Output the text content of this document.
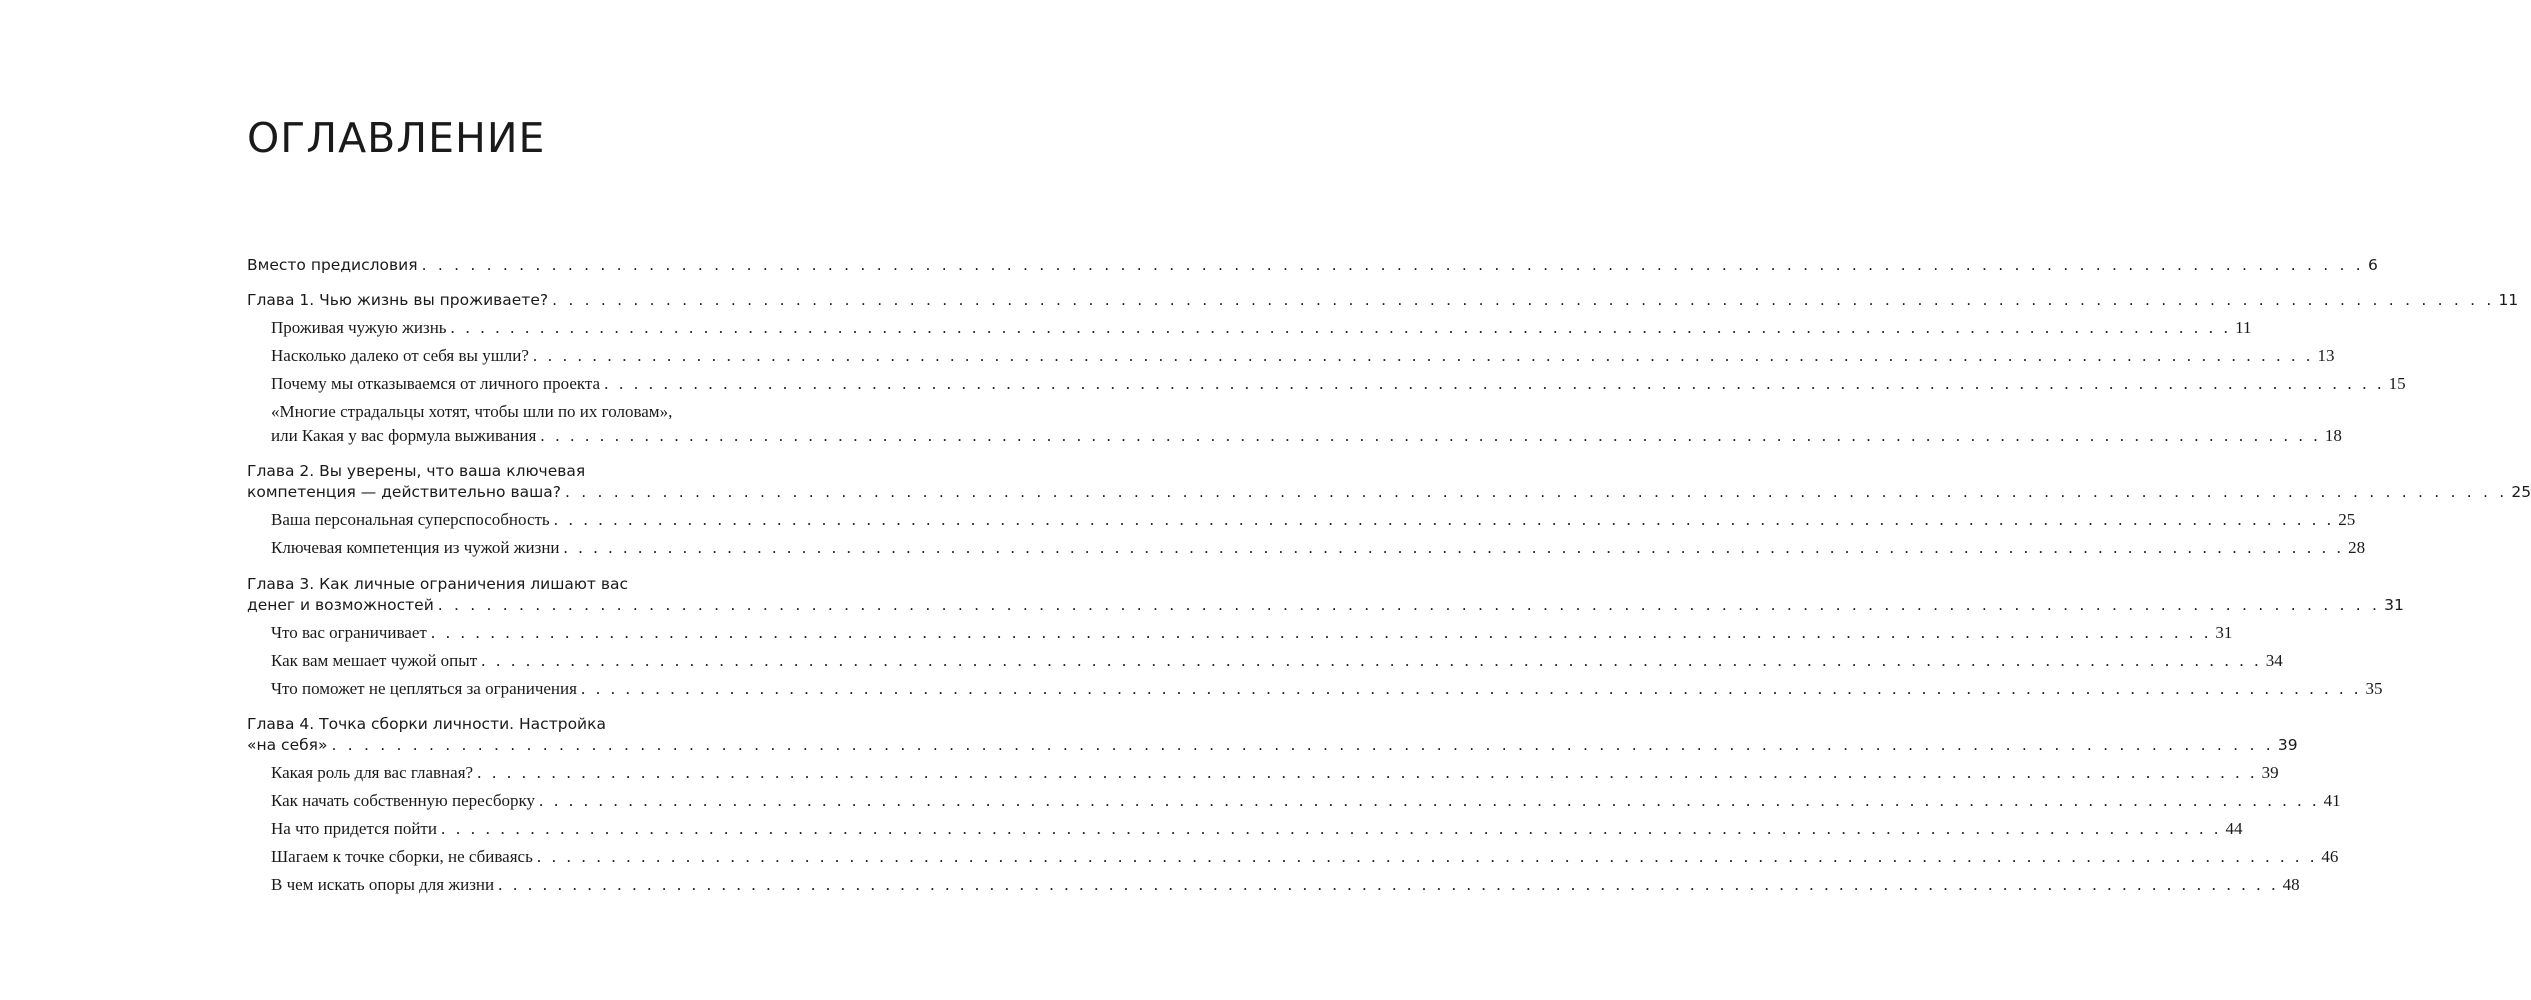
ОГЛАВЛЕНИЕ
Вместо предисловия . . . . . . . . . . . . . . . . . . . . . . . . . . . . . . . . . . . . . . . . . . . . . . . . . . . . . . . . . . . . . . . . . . . . . . . . . . . . . . . . . . . . . . . . . . . . . . . . . . . . . . . . . . . . . . . . . . . . . . . . 6
Глава 1. Чью жизнь вы проживаете? . . . . . . . . . . . . . . . . . . . . . . . . . . . . . . . . . . . . . . . . . . . . . . . . . . . . . . . . . . . . . . . . . . . . . . . . . . . . . . . . . . . . . . . . . . . . . . . . . . . . . . . . . . . . . . . . . . . . . . . . 11
Проживая чужую жизнь . . . . . . . . . . . . . . . . . . . . . . . . . . . . . . . . . . . . . . . . . . . . . . . . . . . . . . . . . . . . . . . . . . . . . . . . . . . . . . . . . . . . . . . . . . . . . . . . . . . . . . . . . . . . . . . . . . . . . . . . 11
Насколько далеко от себя вы ушли? . . . . . . . . . . . . . . . . . . . . . . . . . . . . . . . . . . . . . . . . . . . . . . . . . . . . . . . . . . . . . . . . . . . . . . . . . . . . . . . . . . . . . . . . . . . . . . . . . . . . . . . . . . . . . . . . . . . . . . . . 13
Почему мы отказываемся от личного проекта . . . . . . . . . . . . . . . . . . . . . . . . . . . . . . . . . . . . . . . . . . . . . . . . . . . . . . . . . . . . . . . . . . . . . . . . . . . . . . . . . . . . . . . . . . . . . . . . . . . . . . . . . . . . . . . . . . . . . . . . 15
«Многие страдальцы хотят, чтобы шли по их головам»,
или Какая у вас формула выживания . . . . . . . . . . . . . . . . . . . . . . . . . . . . . . . . . . . . . . . . . . . . . . . . . . . . . . . . . . . . . . . . . . . . . . . . . . . . . . . . . . . . . . . . . . . . . . . . . . . . . . . . . . . . . . . . . . . . . . . . 18
Глава 2. Вы уверены, что ваша ключевая
компетенция — действительно ваша? . . . . . . . . . . . . . . . . . . . . . . . . . . . . . . . . . . . . . . . . . . . . . . . . . . . . . . . . . . . . . . . . . . . . . . . . . . . . . . . . . . . . . . . . . . . . . . . . . . . . . . . . . . . . . . . . . . . . . . . . 25
Ваша персональная суперспособность . . . . . . . . . . . . . . . . . . . . . . . . . . . . . . . . . . . . . . . . . . . . . . . . . . . . . . . . . . . . . . . . . . . . . . . . . . . . . . . . . . . . . . . . . . . . . . . . . . . . . . . . . . . . . . . . . . . . . . . . 25
Ключевая компетенция из чужой жизни . . . . . . . . . . . . . . . . . . . . . . . . . . . . . . . . . . . . . . . . . . . . . . . . . . . . . . . . . . . . . . . . . . . . . . . . . . . . . . . . . . . . . . . . . . . . . . . . . . . . . . . . . . . . . . . . . . . . . . . . 28
Глава 3. Как личные ограничения лишают вас
денег и возможностей . . . . . . . . . . . . . . . . . . . . . . . . . . . . . . . . . . . . . . . . . . . . . . . . . . . . . . . . . . . . . . . . . . . . . . . . . . . . . . . . . . . . . . . . . . . . . . . . . . . . . . . . . . . . . . . . . . . . . . . . 31
Что вас ограничивает . . . . . . . . . . . . . . . . . . . . . . . . . . . . . . . . . . . . . . . . . . . . . . . . . . . . . . . . . . . . . . . . . . . . . . . . . . . . . . . . . . . . . . . . . . . . . . . . . . . . . . . . . . . . . . . . . . . . . . . . 31
Как вам мешает чужой опыт . . . . . . . . . . . . . . . . . . . . . . . . . . . . . . . . . . . . . . . . . . . . . . . . . . . . . . . . . . . . . . . . . . . . . . . . . . . . . . . . . . . . . . . . . . . . . . . . . . . . . . . . . . . . . . . . . . . . . . . . 34
Что поможет не цепляться за ограничения . . . . . . . . . . . . . . . . . . . . . . . . . . . . . . . . . . . . . . . . . . . . . . . . . . . . . . . . . . . . . . . . . . . . . . . . . . . . . . . . . . . . . . . . . . . . . . . . . . . . . . . . . . . . . . . . . . . . . . . . 35
Глава 4. Точка сборки личности. Настройка
«на себя» . . . . . . . . . . . . . . . . . . . . . . . . . . . . . . . . . . . . . . . . . . . . . . . . . . . . . . . . . . . . . . . . . . . . . . . . . . . . . . . . . . . . . . . . . . . . . . . . . . . . . . . . . . . . . . . . . . . . . . . . 39
Какая роль для вас главная? . . . . . . . . . . . . . . . . . . . . . . . . . . . . . . . . . . . . . . . . . . . . . . . . . . . . . . . . . . . . . . . . . . . . . . . . . . . . . . . . . . . . . . . . . . . . . . . . . . . . . . . . . . . . . . . . . . . . . . . . 39
Как начать собственную пересборку . . . . . . . . . . . . . . . . . . . . . . . . . . . . . . . . . . . . . . . . . . . . . . . . . . . . . . . . . . . . . . . . . . . . . . . . . . . . . . . . . . . . . . . . . . . . . . . . . . . . . . . . . . . . . . . . . . . . . . . . 41
На что придется пойти . . . . . . . . . . . . . . . . . . . . . . . . . . . . . . . . . . . . . . . . . . . . . . . . . . . . . . . . . . . . . . . . . . . . . . . . . . . . . . . . . . . . . . . . . . . . . . . . . . . . . . . . . . . . . . . . . . . . . . . . 44
Шагаем к точке сборки, не сбиваясь . . . . . . . . . . . . . . . . . . . . . . . . . . . . . . . . . . . . . . . . . . . . . . . . . . . . . . . . . . . . . . . . . . . . . . . . . . . . . . . . . . . . . . . . . . . . . . . . . . . . . . . . . . . . . . . . . . . . . . . . 46
В чем искать опоры для жизни . . . . . . . . . . . . . . . . . . . . . . . . . . . . . . . . . . . . . . . . . . . . . . . . . . . . . . . . . . . . . . . . . . . . . . . . . . . . . . . . . . . . . . . . . . . . . . . . . . . . . . . . . . . . . . . . . . . . . . . . 48
